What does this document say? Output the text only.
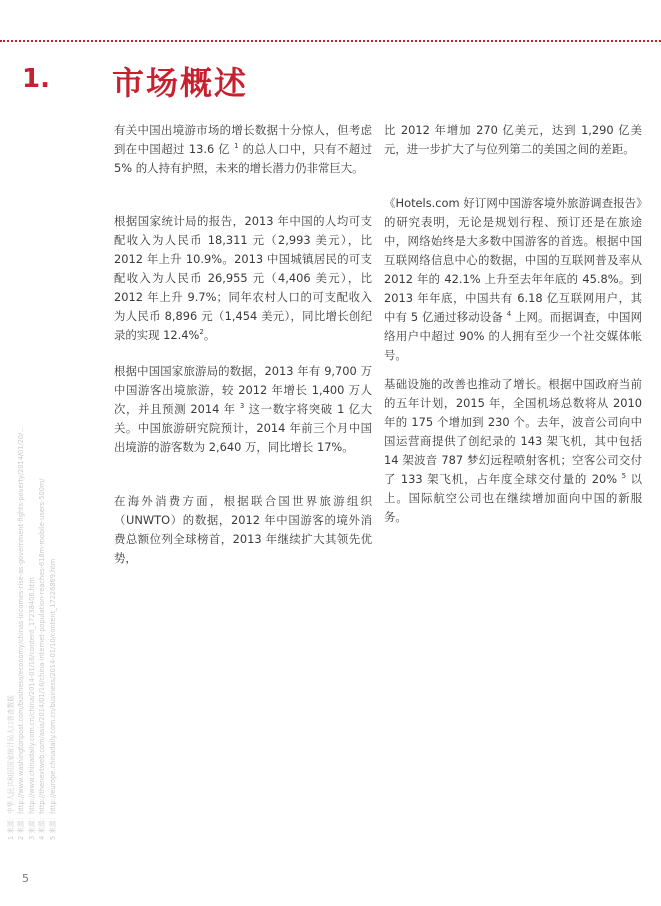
1. 市场概述

有关中国出境游市场的增长数据十分惊人，但考虑到在中国超过 13.6 亿 $^1$ 的总人口中，只有不超过 5% 的人持有护照，未来的增长潜力仍非常巨大。

根据国家统计局的报告，2013 年中国的人均可支配收入为人民币 18,311 元（2,993 美元），比 2012 年上升 10.9%。2013 中国城镇居民的可支配收入为人民币 26,955 元（4,406 美元），比 2012 年上升 9.7%；同年农村人口的可支配收入为人民币 8,896 元（1,454 美元），同比增长创纪录的实现 12.4%$^2$。

根据中国国家旅游局的数据，2013 年有 9,700 万中国游客出境旅游，较 2012 年增长 1,400 万人次，并且预测 2014 年 $^3$ 这一数字将突破 1 亿大关。中国旅游研究院预计，2014 年前三个月中国出境游的游客数为 2,640 万，同比增长 17%。

在海外消费方面，根据联合国世界旅游组织（UNWTO）的数据，2012 年中国游客的境外消费总额位列全球榜首，2013 年继续扩大其领先优势，

比 2012 年增加 270 亿美元，达到 1,290 亿美元，进一步扩大了与位列第二的美国之间的差距。

《Hotels.com 好订网中国游客境外旅游调查报告》的研究表明，无论是规划行程、预订还是在旅途中，网络始终是大多数中国游客的首选。根据中国互联网络信息中心的数据，中国的互联网普及率从 2012 年的 42.1% 上升至去年年底的 45.8%。到 2013 年年底，中国共有 6.18 亿互联网用户，其中有 5 亿通过移动设备 $^4$ 上网。而据调查，中国网络用户中超过 90% 的人拥有至少一个社交媒体帐号。

基础设施的改善也推动了增长。根据中国政府当前的五年计划，2015 年，全国机场总数将从 2010 年的 175 个增加到 230 个。去年，波音公司向中国运营商提供了创纪录的 143 架飞机，其中包括 14 架波音 787 梦幻远程喷射客机；空客公司交付了 133 架飞机，占年度全球交付量的 20% $^5$ 以上。国际航空公司也在继续增加面向中国的新服务。

1 来源：中华人民共和国国家统计局人口普查数据 2 来源：http://www.washingtonpost.com/business/economy/chinas-incomes-rise-as-government-fights-poverty/2014/01/20/... 3 来源：http://www.chinadaily.com.cn/china/2014-01/16/content_17238406.htm 4 来源：http://thenextweb.com/asia/2014/01/16/china-internet-population-reaches-618m-mobile-users-500m/ 5 来源：http://europe.chinadaily.com.cn/business/2014-01/10/content_17226869.htm
5
